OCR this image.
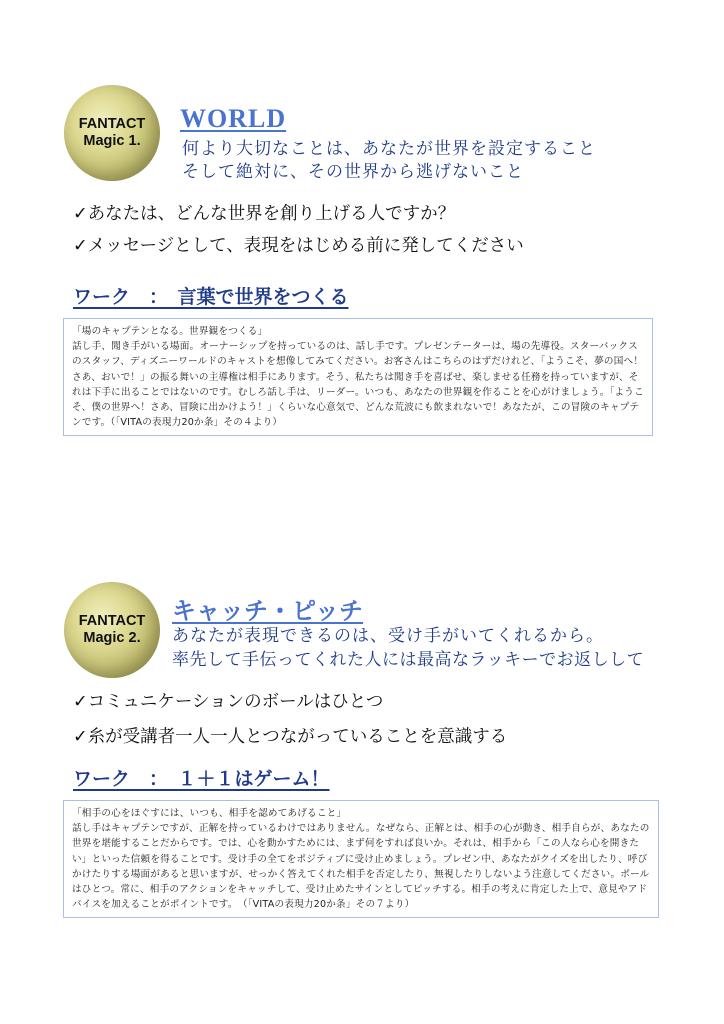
FANTACT
Magic 1.
WORLD
何より大切なことは、あなたが世界を設定すること
そして絶対に、その世界から逃げないこと
✓あなたは、どんな世界を創り上げる人ですか？
✓メッセージとして、表現をはじめる前に発してください
ワーク　：　言葉で世界をつくる

「場のキャプテンとなる。世界観をつくる」

話し手、聞き手がいる場面。オーナーシップを持っているのは、話し手です。プレゼンテーターは、場の先導役。スターバックスのスタッフ、ディズニーワールドのキャストを想像してみてください。お客さんはこちらのはずだけれど、「ようこそ、夢の国へ！さあ、おいで！」の振る舞いの主導権は相手にあります。そう、私たちは聞き手を喜ばせ、楽しませる任務を持っていますが、それは下手に出ることではないのです。むしろ話し手は、リーダー。いつも、あなたの世界観を作ることを心がけましょう。「ようこそ、僕の世界へ！さあ、冒険に出かけよう！」くらいな心意気で、どんな荒波にも飲まれないで！あなたが、この冒険のキャプテンです。（「VITAの表現力20か条」その４より）

FANTACT
Magic 2.
キャッチ・ピッチ
あなたが表現できるのは、受け手がいてくれるから。
率先して手伝ってくれた人には最高なラッキーでお返しして
✓コミュニケーションのボールはひとつ
✓糸が受講者一人一人とつながっていることを意識する
ワーク　：　１＋１はゲーム！

「相手の心をほぐすには、いつも、相手を認めてあげること」

話し手はキャプテンですが、正解を持っているわけではありません。なぜなら、正解とは、相手の心が動き、相手自らが、あなたの世界を堪能することだからです。では、心を動かすためには、まず何をすれば良いか。それは、相手から「この人なら心を開きたい」といった信頼を得ることです。受け手の全てをポジティブに受け止めましょう。プレゼン中、あなたがクイズを出したり、呼びかけたりする場面があると思いますが、せっかく答えてくれた相手を否定したり、無視したりしないよう注意してください。ボールはひとつ。常に、相手のアクションをキャッチして、受け止めたサインとしてピッチする。相手の考えに肯定した上で、意見やアドバイスを加えることがポイントです。　（「VITAの表現力20か条」その７より）
